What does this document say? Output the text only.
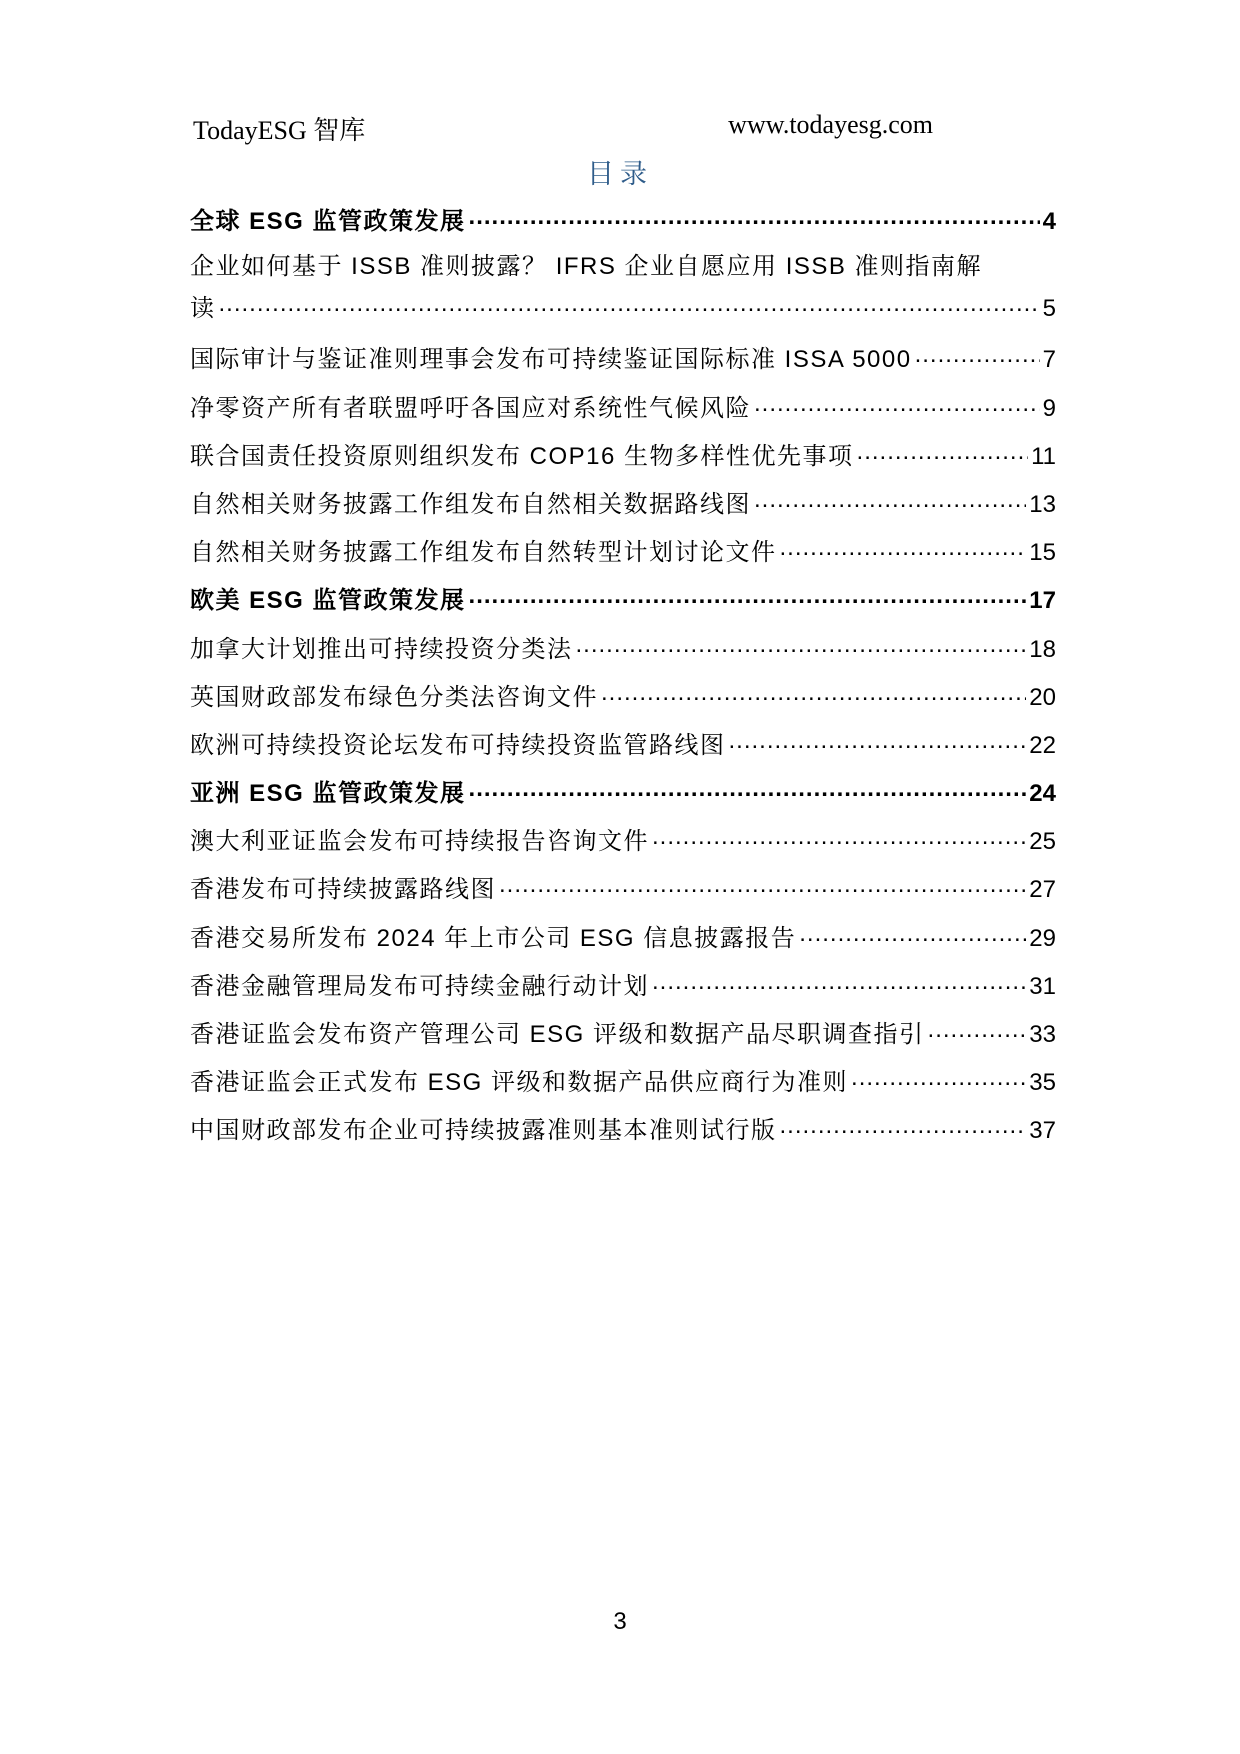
TodayESG 智库	www.todayesg.com
目录
全球 ESG 监管政策发展 .....	4
企业如何基于 ISSB 准则披露？ IFRS 企业自愿应用 ISSB 准则指南解
读 .....	5
国际审计与鉴证准则理事会发布可持续鉴证国际标准 ISSA 5000 .....	7
净零资产所有者联盟呼吁各国应对系统性气候风险 .....	9
联合国责任投资原则组织发布 COP16 生物多样性优先事项 .....	11
自然相关财务披露工作组发布自然相关数据路线图 .....	13
自然相关财务披露工作组发布自然转型计划讨论文件 .....	15
欧美 ESG 监管政策发展 .....	17
加拿大计划推出可持续投资分类法 .....	18
英国财政部发布绿色分类法咨询文件 .....	20
欧洲可持续投资论坛发布可持续投资监管路线图 .....	22
亚洲 ESG 监管政策发展 .....	24
澳大利亚证监会发布可持续报告咨询文件 .....	25
香港发布可持续披露路线图 .....	27
香港交易所发布 2024 年上市公司 ESG 信息披露报告 .....	29
香港金融管理局发布可持续金融行动计划 .....	31
香港证监会发布资产管理公司 ESG 评级和数据产品尽职调查指引 .....	33
香港证监会正式发布 ESG 评级和数据产品供应商行为准则 .....	35
中国财政部发布企业可持续披露准则基本准则试行版 .....	37
3
